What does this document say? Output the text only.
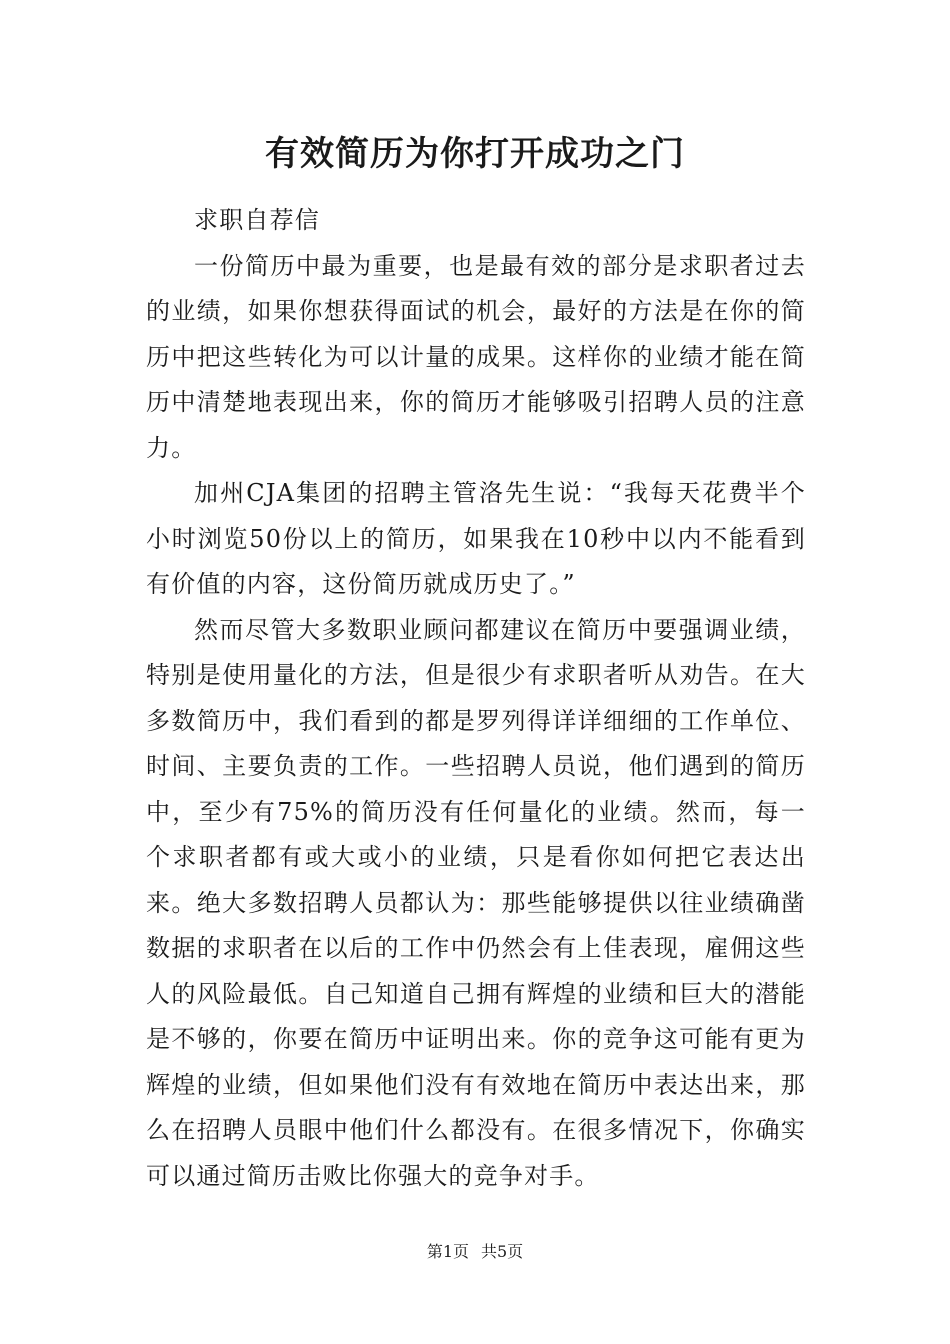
有效简历为你打开成功之门

求职自荐信

一份简历中最为重要，也是最有效的部分是求职者过去的业绩，如果你想获得面试的机会，最好的方法是在你的简历中把这些转化为可以计量的成果。这样你的业绩才能在简历中清楚地表现出来，你的简历才能够吸引招聘人员的注意力。

加州CJA集团的招聘主管洛先生说：“我每天花费半个小时浏览50份以上的简历，如果我在10秒中以内不能看到有价值的内容，这份简历就成历史了。”

然而尽管大多数职业顾问都建议在简历中要强调业绩，特别是使用量化的方法，但是很少有求职者听从劝告。在大多数简历中，我们看到的都是罗列得详详细细的工作单位、时间、主要负责的工作。一些招聘人员说，他们遇到的简历中，至少有75%的简历没有任何量化的业绩。然而，每一个求职者都有或大或小的业绩，只是看你如何把它表达出来。绝大多数招聘人员都认为：那些能够提供以往业绩确凿数据的求职者在以后的工作中仍然会有上佳表现，雇佣这些人的风险最低。自己知道自己拥有辉煌的业绩和巨大的潜能是不够的，你要在简历中证明出来。你的竞争这可能有更为辉煌的业绩，但如果他们没有有效地在简历中表达出来，那么在招聘人员眼中他们什么都没有。在很多情况下，你确实可以通过简历击败比你强大的竞争对手。

第1页 共5页
